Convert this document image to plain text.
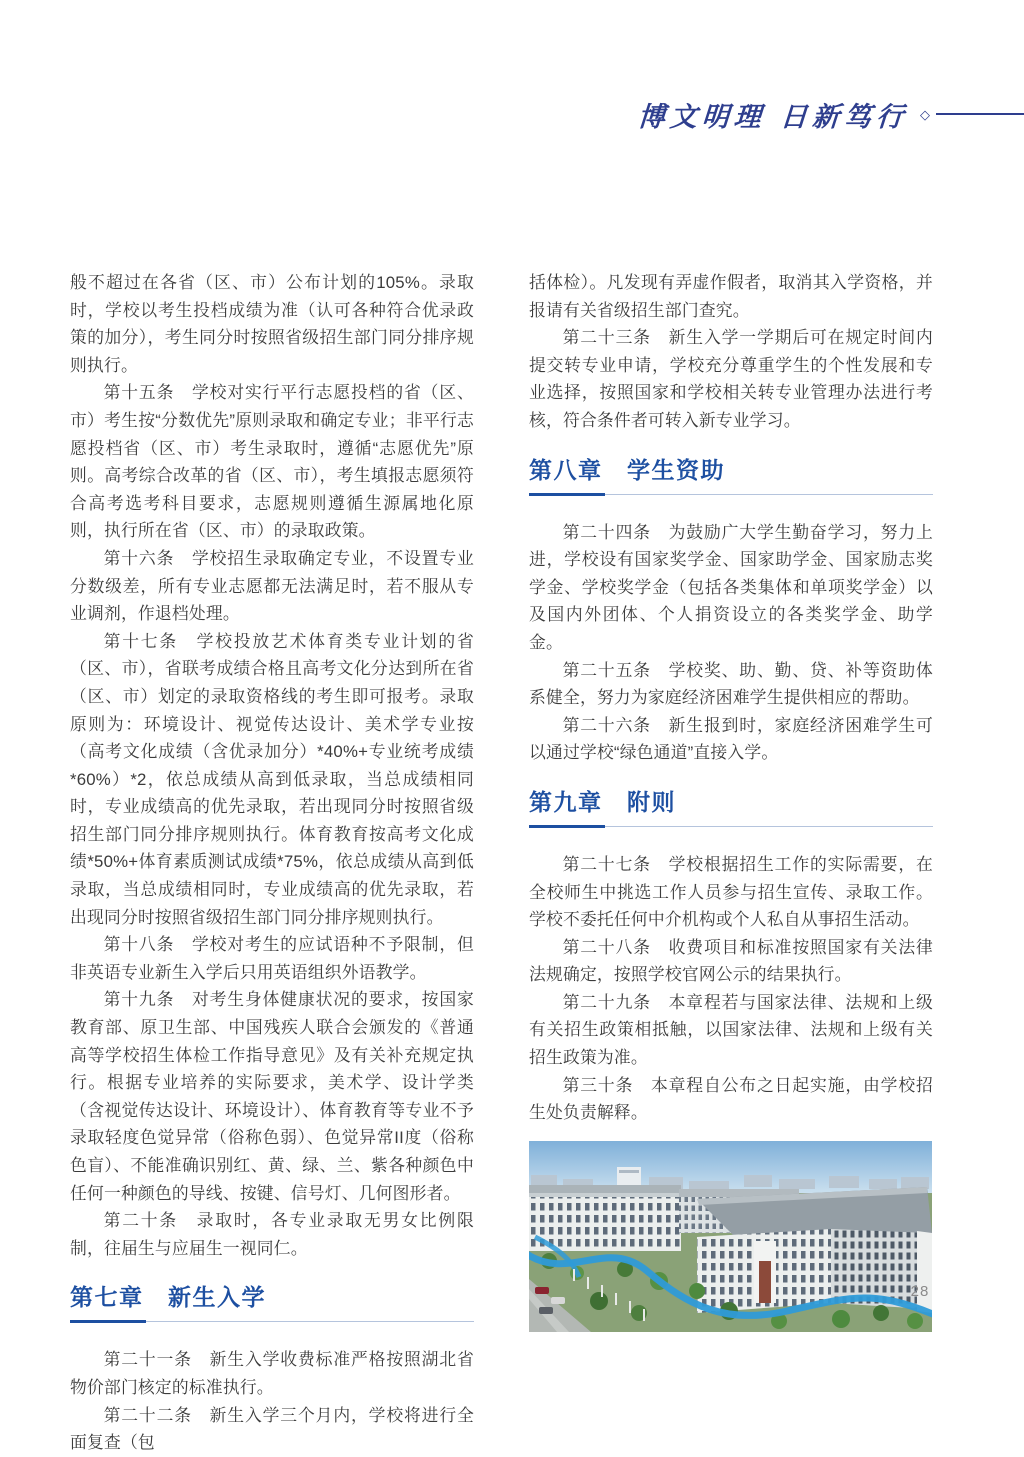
博文明理 日新笃行 ◇

般不超过在各省（区、市）公布计划的105%。录取时，学校以考生投档成绩为准（认可各种符合优录政策的加分），考生同分时按照省级招生部门同分排序规则执行。

第十五条　学校对实行平行志愿投档的省（区、市）考生按“分数优先”原则录取和确定专业；非平行志愿投档省（区、市）考生录取时，遵循“志愿优先”原则。高考综合改革的省（区、市），考生填报志愿须符合高考选考科目要求，志愿规则遵循生源属地化原则，执行所在省（区、市）的录取政策。

第十六条　学校招生录取确定专业，不设置专业分数级差，所有专业志愿都无法满足时，若不服从专业调剂，作退档处理。

第十七条　学校投放艺术体育类专业计划的省（区、市），省联考成绩合格且高考文化分达到所在省（区、市）划定的录取资格线的考生即可报考。录取原则为：环境设计、视觉传达设计、美术学专业按（高考文化成绩（含优录加分）*40%+专业统考成绩*60%）*2，依总成绩从高到低录取，当总成绩相同时，专业成绩高的优先录取，若出现同分时按照省级招生部门同分排序规则执行。体育教育按高考文化成绩*50%+体育素质测试成绩*75%，依总成绩从高到低录取，当总成绩相同时，专业成绩高的优先录取，若出现同分时按照省级招生部门同分排序规则执行。

第十八条　学校对考生的应试语种不予限制，但非英语专业新生入学后只用英语组织外语教学。

第十九条　对考生身体健康状况的要求，按国家教育部、原卫生部、中国残疾人联合会颁发的《普通高等学校招生体检工作指导意见》及有关补充规定执行。根据专业培养的实际要求，美术学、设计学类（含视觉传达设计、环境设计）、体育教育等专业不予录取轻度色觉异常（俗称色弱）、色觉异常II度（俗称色盲）、不能准确识别红、黄、绿、兰、紫各种颜色中任何一种颜色的导线、按键、信号灯、几何图形者。

第二十条　录取时，各专业录取无男女比例限制，往届生与应届生一视同仁。

第七章　新生入学

第二十一条　新生入学收费标准严格按照湖北省物价部门核定的标准执行。

第二十二条　新生入学三个月内，学校将进行全面复查（包

括体检）。凡发现有弄虚作假者，取消其入学资格，并报请有关省级招生部门查究。

第二十三条　新生入学一学期后可在规定时间内提交转专业申请，学校充分尊重学生的个性发展和专业选择，按照国家和学校相关转专业管理办法进行考核，符合条件者可转入新专业学习。

第八章　学生资助

第二十四条　为鼓励广大学生勤奋学习，努力上进，学校设有国家奖学金、国家助学金、国家励志奖学金、学校奖学金（包括各类集体和单项奖学金）以及国内外团体、个人捐资设立的各类奖学金、助学金。

第二十五条　学校奖、助、勤、贷、补等资助体系健全，努力为家庭经济困难学生提供相应的帮助。

第二十六条　新生报到时，家庭经济困难学生可以通过学校“绿色通道”直接入学。

第九章　附则

第二十七条　学校根据招生工作的实际需要，在全校师生中挑选工作人员参与招生宣传、录取工作。学校不委托任何中介机构或个人私自从事招生活动。

第二十八条　收费项目和标准按照国家有关法律法规确定，按照学校官网公示的结果执行。

第二十九条　本章程若与国家法律、法规和上级有关招生政策相抵触，以国家法律、法规和上级有关招生政策为准。

第三十条　本章程自公布之日起实施，由学校招生处负责解释。

28
